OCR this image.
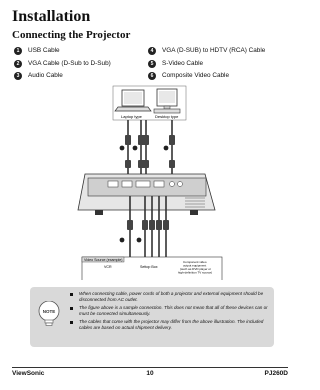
Installation
Connecting the Projector
1	USB Cable	4	VGA (D-SUB) to HDTV (RCA) Cable
2	VGA Cable (D-Sub to D-Sub)	5	S-Video Cable
3	Audio Cable	6	Composite Video Cable
Laptop type	Desktop type
Video Source (example)
VCR	Settop Box
Component video
output equipment
(such as DVD player or
high-definition TV source)
NOTE
When connecting cable, power cords of both a projector and external equipment should be disconnected from AC outlet.
The figure above is a sample connection. This does not mean that all of these devices can or must be connected simultaneously.
The cables that come with the projector may differ from the above illustration. The included cables are based on actual shipment delivery.
ViewSonic	10	PJ260D
